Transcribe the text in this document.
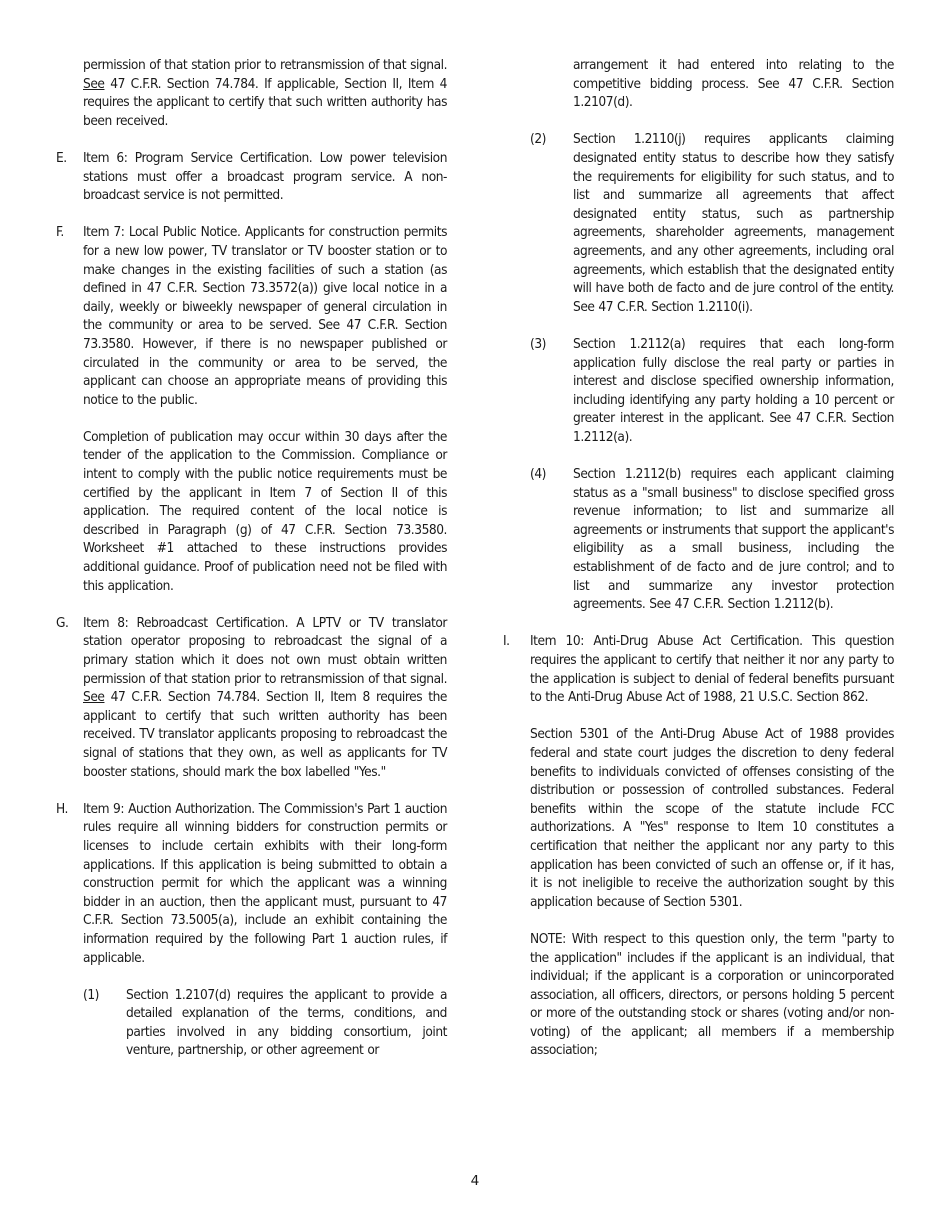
permission of that station prior to retransmission of that signal. See 47 C.F.R. Section 74.784. If applicable, Section II, Item 4 requires the applicant to certify that such written authority has been received.

E. Item 6: Program Service Certification. Low power television stations must offer a broadcast program service. A non-broadcast service is not permitted.

F. Item 7: Local Public Notice. Applicants for construction permits for a new low power, TV translator or TV booster station or to make changes in the existing facilities of such a station (as defined in 47 C.F.R. Section 73.3572(a)) give local notice in a daily, weekly or biweekly newspaper of general circulation in the community or area to be served. See 47 C.F.R. Section 73.3580. However, if there is no newspaper published or circulated in the community or area to be served, the applicant can choose an appropriate means of providing this notice to the public.

Completion of publication may occur within 30 days after the tender of the application to the Commission. Compliance or intent to comply with the public notice requirements must be certified by the applicant in Item 7 of Section II of this application. The required content of the local notice is described in Paragraph (g) of 47 C.F.R. Section 73.3580. Worksheet #1 attached to these instructions provides additional guidance. Proof of publication need not be filed with this application.

G. Item 8: Rebroadcast Certification. A LPTV or TV translator station operator proposing to rebroadcast the signal of a primary station which it does not own must obtain written permission of that station prior to retransmission of that signal. See 47 C.F.R. Section 74.784. Section II, Item 8 requires the applicant to certify that such written authority has been received. TV translator applicants proposing to rebroadcast the signal of stations that they own, as well as applicants for TV booster stations, should mark the box labelled "Yes."

H. Item 9: Auction Authorization. The Commission's Part 1 auction rules require all winning bidders for construction permits or licenses to include certain exhibits with their long-form applications. If this application is being submitted to obtain a construction permit for which the applicant was a winning bidder in an auction, then the applicant must, pursuant to 47 C.F.R. Section 73.5005(a), include an exhibit containing the information required by the following Part 1 auction rules, if applicable.

(1) Section 1.2107(d) requires the applicant to provide a detailed explanation of the terms, conditions, and parties involved in any bidding consortium, joint venture, partnership, or other agreement or

arrangement it had entered into relating to the competitive bidding process. See 47 C.F.R. Section 1.2107(d).

(2) Section 1.2110(j) requires applicants claiming designated entity status to describe how they satisfy the requirements for eligibility for such status, and to list and summarize all agreements that affect designated entity status, such as partnership agreements, shareholder agreements, management agreements, and any other agreements, including oral agreements, which establish that the designated entity will have both de facto and de jure control of the entity. See 47 C.F.R. Section 1.2110(i).

(3) Section 1.2112(a) requires that each long-form application fully disclose the real party or parties in interest and disclose specified ownership information, including identifying any party holding a 10 percent or greater interest in the applicant. See 47 C.F.R. Section 1.2112(a).

(4) Section 1.2112(b) requires each applicant claiming status as a "small business" to disclose specified gross revenue information; to list and summarize all agreements or instruments that support the applicant's eligibility as a small business, including the establishment of de facto and de jure control; and to list and summarize any investor protection agreements. See 47 C.F.R. Section 1.2112(b).

I. Item 10: Anti-Drug Abuse Act Certification. This question requires the applicant to certify that neither it nor any party to the application is subject to denial of federal benefits pursuant to the Anti-Drug Abuse Act of 1988, 21 U.S.C. Section 862.

Section 5301 of the Anti-Drug Abuse Act of 1988 provides federal and state court judges the discretion to deny federal benefits to individuals convicted of offenses consisting of the distribution or possession of controlled substances. Federal benefits within the scope of the statute include FCC authorizations. A "Yes" response to Item 10 constitutes a certification that neither the applicant nor any party to this application has been convicted of such an offense or, if it has, it is not ineligible to receive the authorization sought by this application because of Section 5301.

NOTE: With respect to this question only, the term "party to the application" includes if the applicant is an individual, that individual; if the applicant is a corporation or unincorporated association, all officers, directors, or persons holding 5 percent or more of the outstanding stock or shares (voting and/or non-voting) of the applicant; all members if a membership association;

4
